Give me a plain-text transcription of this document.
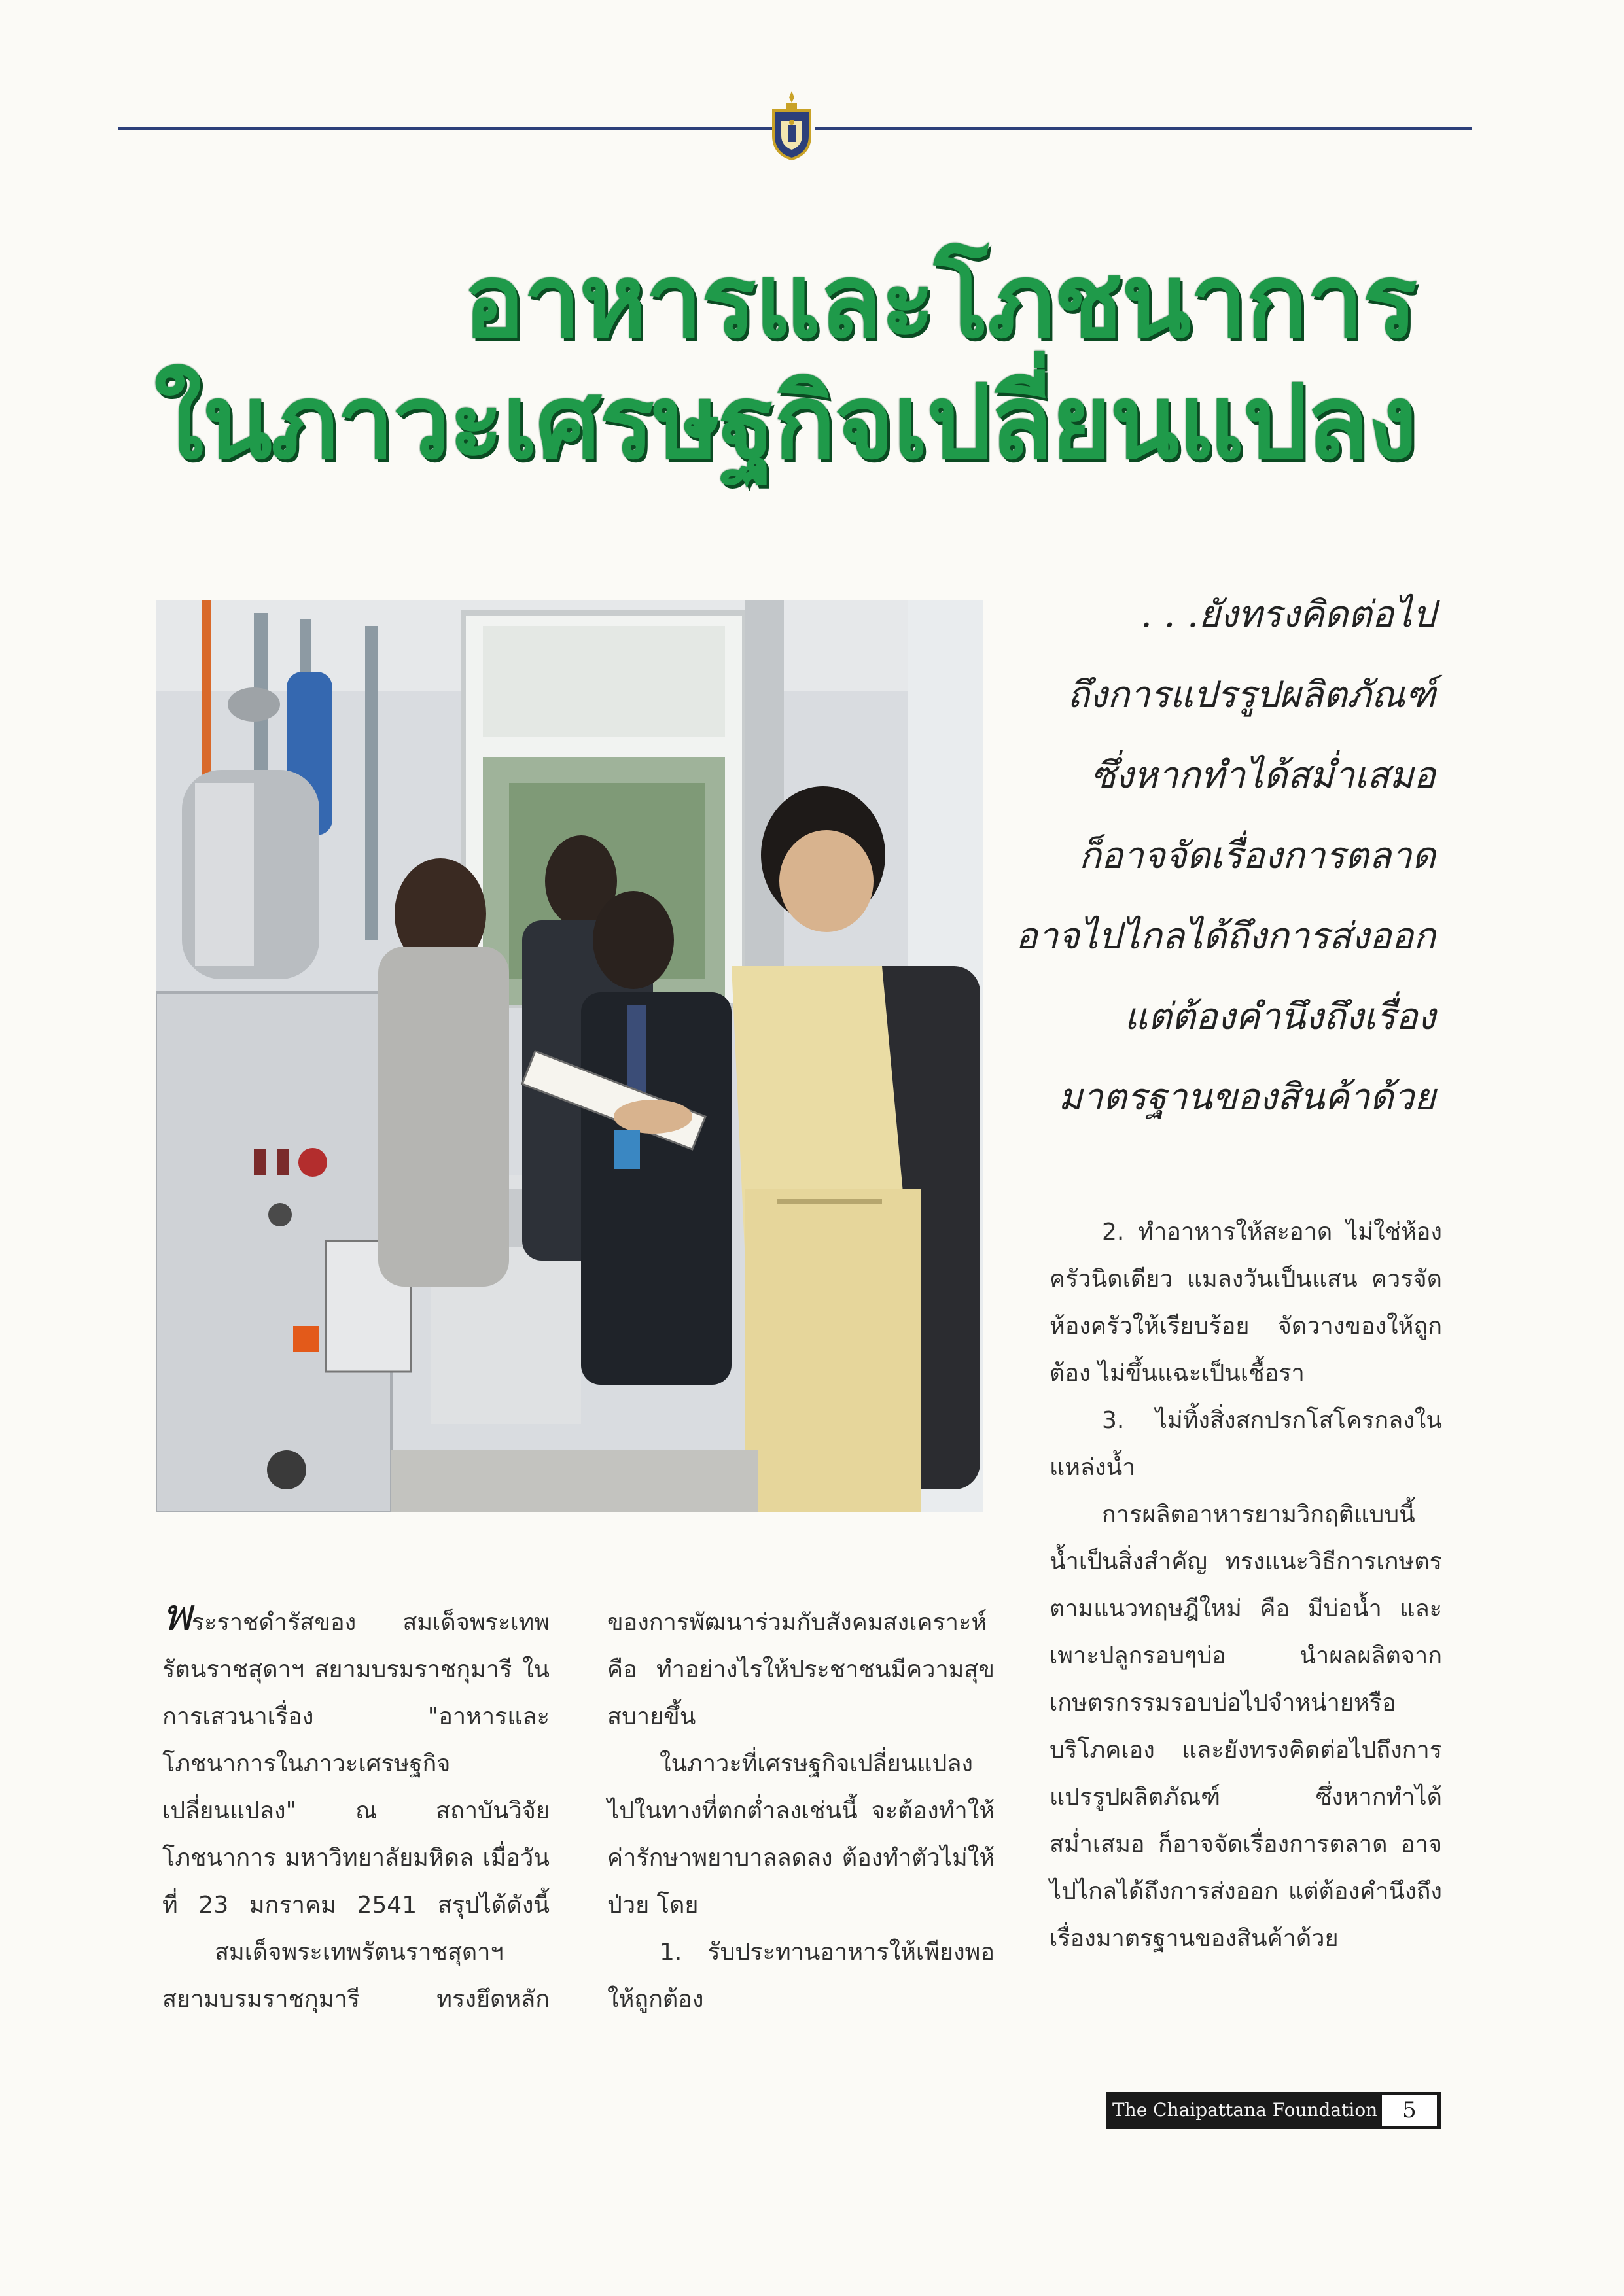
อาหารและโภชนาการ
ในภาวะเศรษฐกิจเปลี่ยนแปลง
. . .ยังทรงคิดต่อไป
ถึงการแปรรูปผลิตภัณฑ์
ซึ่งหากทำได้สม่ำเสมอ
ก็อาจจัดเรื่องการตลาด
อาจไปไกลได้ถึงการส่งออก
แต่ต้องคำนึงถึงเรื่อง
มาตรฐานของสินค้าด้วย

พระราชดำรัสของ สมเด็จพระเทพรัตนราชสุดาฯ สยามบรมราชกุมารี ในการเสวนาเรื่อง "อาหารและโภชนาการในภาวะเศรษฐกิจเปลี่ยนแปลง" ณ สถาบันวิจัยโภชนาการ มหาวิทยาลัยมหิดล เมื่อวันที่ 23 มกราคม 2541 สรุปได้ดังนี้

สมเด็จพระเทพรัตนราชสุดาฯ สยามบรมราชกุมารี ทรงยึดหลัก

ของการพัฒนาร่วมกับสังคมสงเคราะห์ คือ ทำอย่างไรให้ประชาชนมีความสุขสบายขึ้น

ในภาวะที่เศรษฐกิจเปลี่ยนแปลงไปในทางที่ตกต่ำลงเช่นนี้ จะต้องทำให้ค่ารักษาพยาบาลลดลง ต้องทำตัวไม่ให้ป่วย โดย

1. รับประทานอาหารให้เพียงพอ ให้ถูกต้อง

2. ทำอาหารให้สะอาด ไม่ใช่ห้องครัวนิดเดียว แมลงวันเป็นแสน ควรจัดห้องครัวให้เรียบร้อย จัดวางของให้ถูกต้อง ไม่ขึ้นแฉะเป็นเชื้อรา

3. ไม่ทิ้งสิ่งสกปรกโสโครกลงในแหล่งน้ำ

การผลิตอาหารยามวิกฤติแบบนี้ น้ำเป็นสิ่งสำคัญ ทรงแนะวิธีการเกษตรตามแนวทฤษฎีใหม่ คือ มีบ่อน้ำ และเพาะปลูกรอบๆบ่อ นำผลผลิตจากเกษตรกรรมรอบบ่อไปจำหน่ายหรือบริโภคเอง และยังทรงคิดต่อไปถึงการแปรรูปผลิตภัณฑ์ ซึ่งหากทำได้สม่ำเสมอ ก็อาจจัดเรื่องการตลาด อาจไปไกลได้ถึงการส่งออก แต่ต้องคำนึงถึงเรื่องมาตรฐานของสินค้าด้วย

The Chaipattana Foundation	5
